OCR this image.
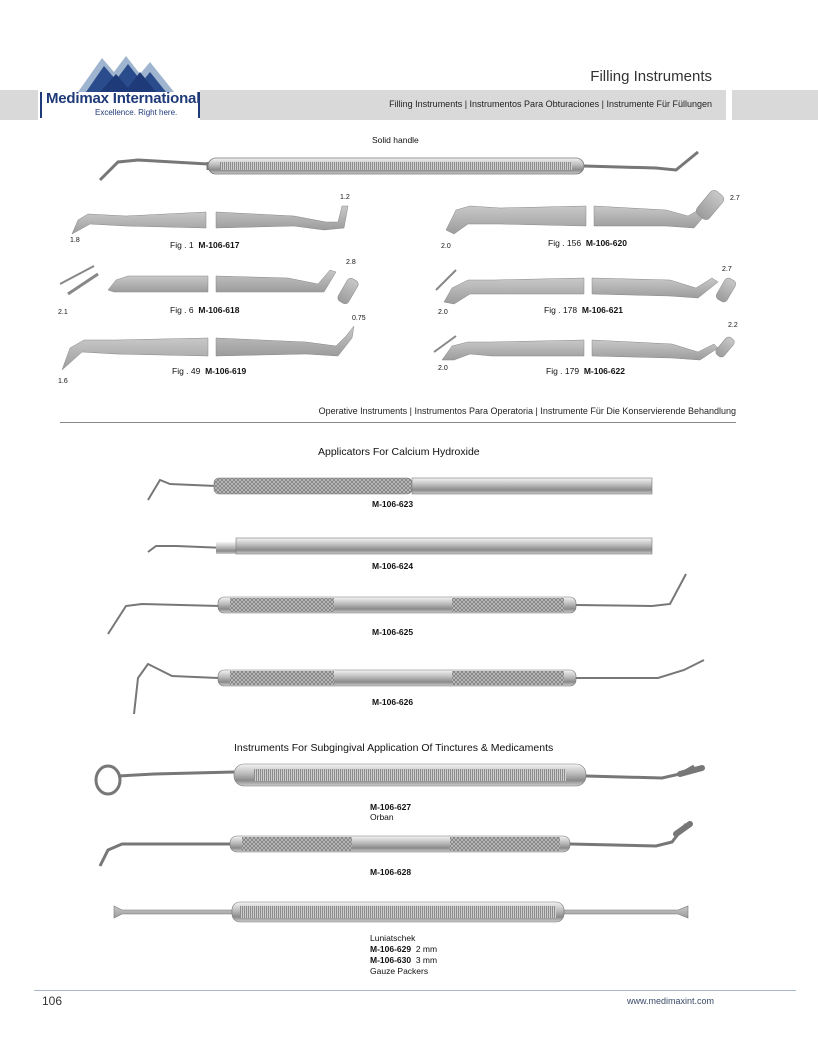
Medimax International
Excellence. Right here.
Filling Instruments
Filling Instruments | Instrumentos Para Obturaciones | Instrumente Für Füllungen
Solid handle
1.8
1.2
Fig . 1 M-106-617
2.1
2.8
Fig . 6 M-106-618
1.6
0.75
Fig . 49 M-106-619
2.0
2.7
Fig . 156 M-106-620
2.0
2.7
Fig . 178 M-106-621
2.0
2.2
Fig . 179 M-106-622
Operative Instruments | Instrumentos Para Operatoria | Instrumente Für Die Konservierende Behandlung
Applicators For Calcium Hydroxide
M-106-623
M-106-624
M-106-625
M-106-626
Instruments For Subgingival Application Of Tinctures & Medicaments
M-106-627
Orban
M-106-628
Luniatschek
M-106-629 2 mm
M-106-630 3 mm
Gauze Packers
106	www.medimaxint.com
